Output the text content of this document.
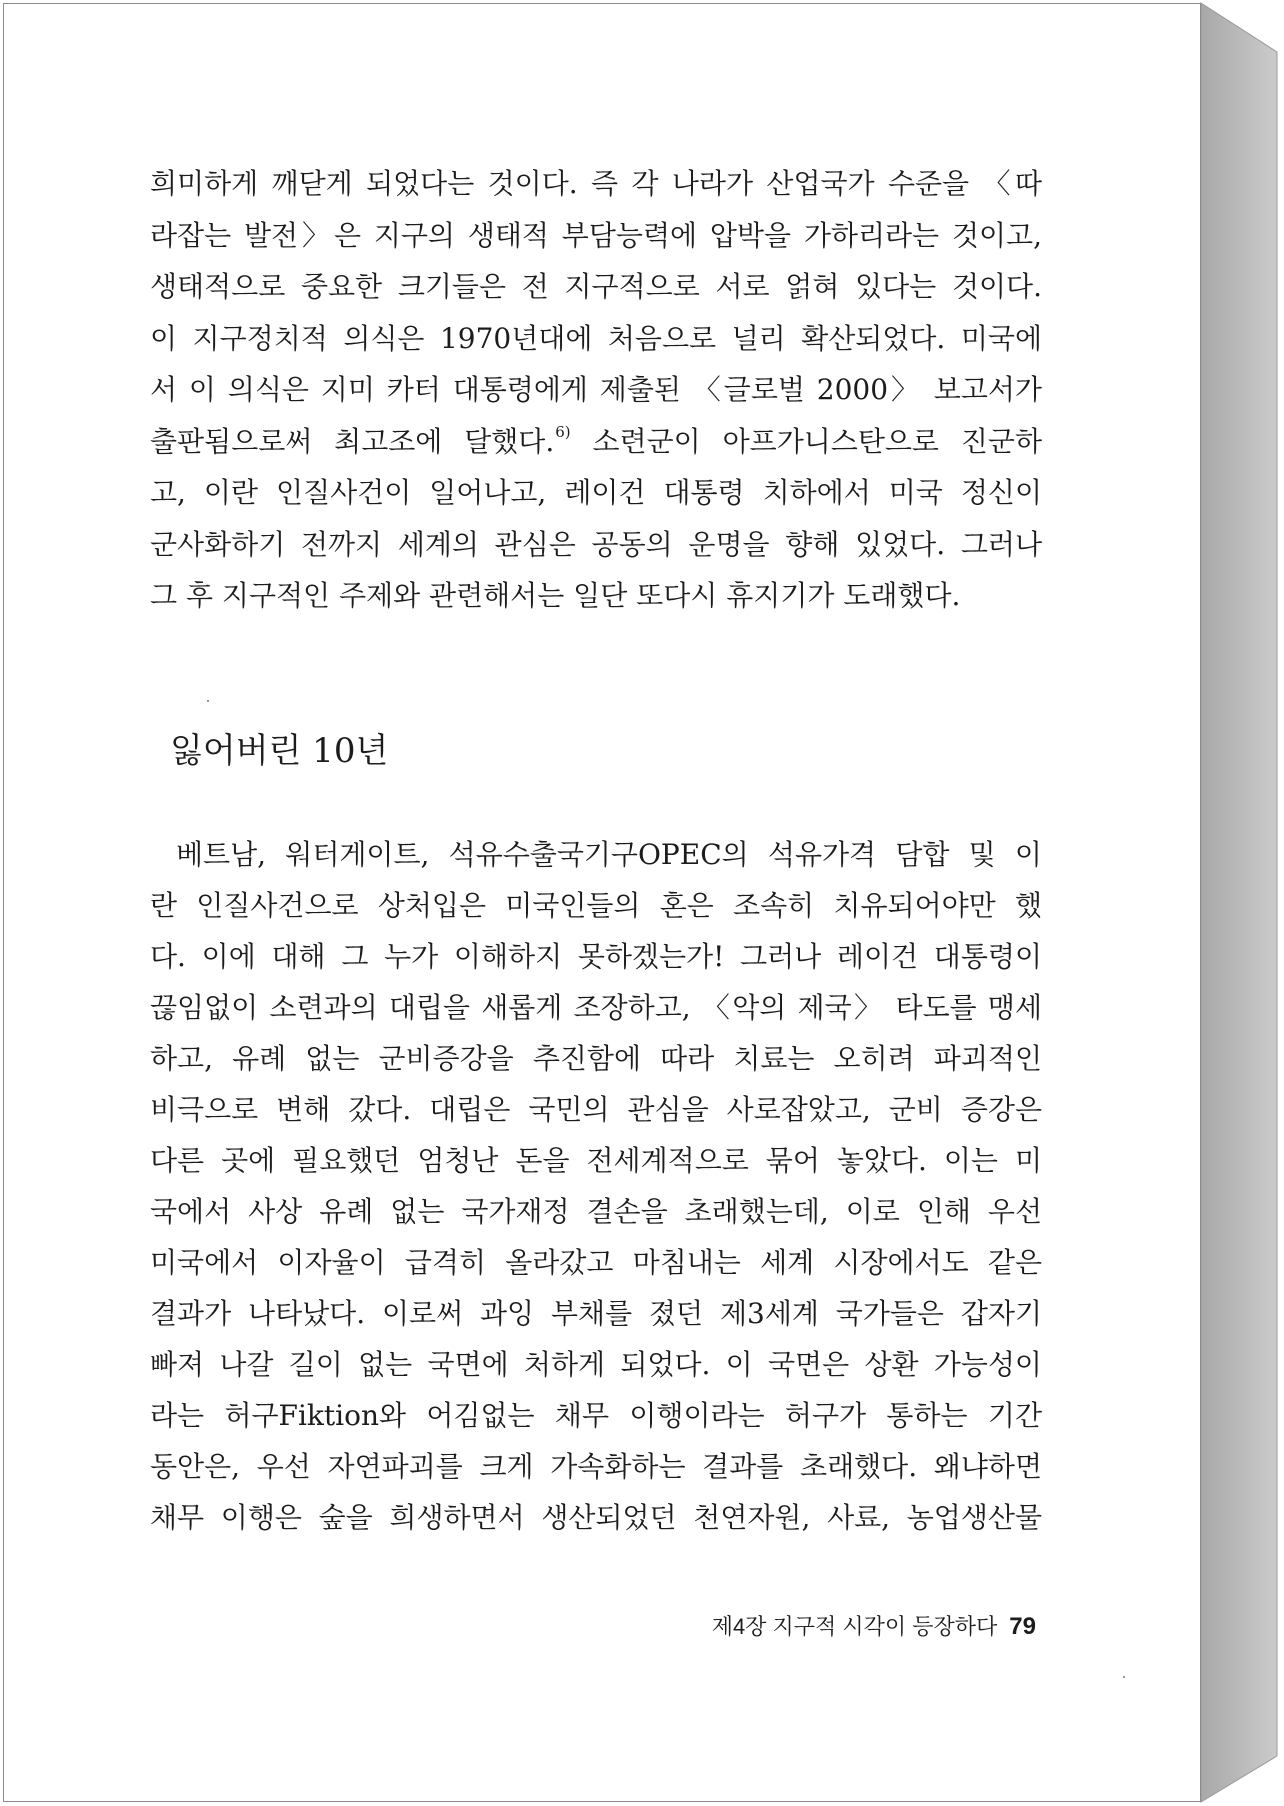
희미하게 깨닫게 되었다는 것이다. 즉 각 나라가 산업국가 수준을 〈따
라잡는 발전〉은 지구의 생태적 부담능력에 압박을 가하리라는 것이고,
생태적으로 중요한 크기들은 전 지구적으로 서로 얽혀 있다는 것이다.
이 지구정치적 의식은 1970년대에 처음으로 널리 확산되었다. 미국에
서 이 의식은 지미 카터 대통령에게 제출된 〈글로벌 2000〉 보고서가
출판됨으로써 최고조에 달했다.$^{6)}$ 소련군이 아프가니스탄으로 진군하
고, 이란 인질사건이 일어나고, 레이건 대통령 치하에서 미국 정신이
군사화하기 전까지 세계의 관심은 공동의 운명을 향해 있었다. 그러나
그 후 지구적인 주제와 관련해서는 일단 또다시 휴지기가 도래했다.
잃어버린 10년
베트남, 워터게이트, 석유수출국기구OPEC의 석유가격 담합 및 이
란 인질사건으로 상처입은 미국인들의 혼은 조속히 치유되어야만 했
다. 이에 대해 그 누가 이해하지 못하겠는가! 그러나 레이건 대통령이
끊임없이 소련과의 대립을 새롭게 조장하고, 〈악의 제국〉 타도를 맹세
하고, 유례 없는 군비증강을 추진함에 따라 치료는 오히려 파괴적인
비극으로 변해 갔다. 대립은 국민의 관심을 사로잡았고, 군비 증강은
다른 곳에 필요했던 엄청난 돈을 전세계적으로 묶어 놓았다. 이는 미
국에서 사상 유례 없는 국가재정 결손을 초래했는데, 이로 인해 우선
미국에서 이자율이 급격히 올라갔고 마침내는 세계 시장에서도 같은
결과가 나타났다. 이로써 과잉 부채를 졌던 제3세계 국가들은 갑자기
빠져 나갈 길이 없는 국면에 처하게 되었다. 이 국면은 상환 가능성이
라는 허구Fiktion와 어김없는 채무 이행이라는 허구가 통하는 기간
동안은, 우선 자연파괴를 크게 가속화하는 결과를 초래했다. 왜냐하면
채무 이행은 숲을 희생하면서 생산되었던 천연자원, 사료, 농업생산물
제4장 지구적 시각이 등장하다 79
